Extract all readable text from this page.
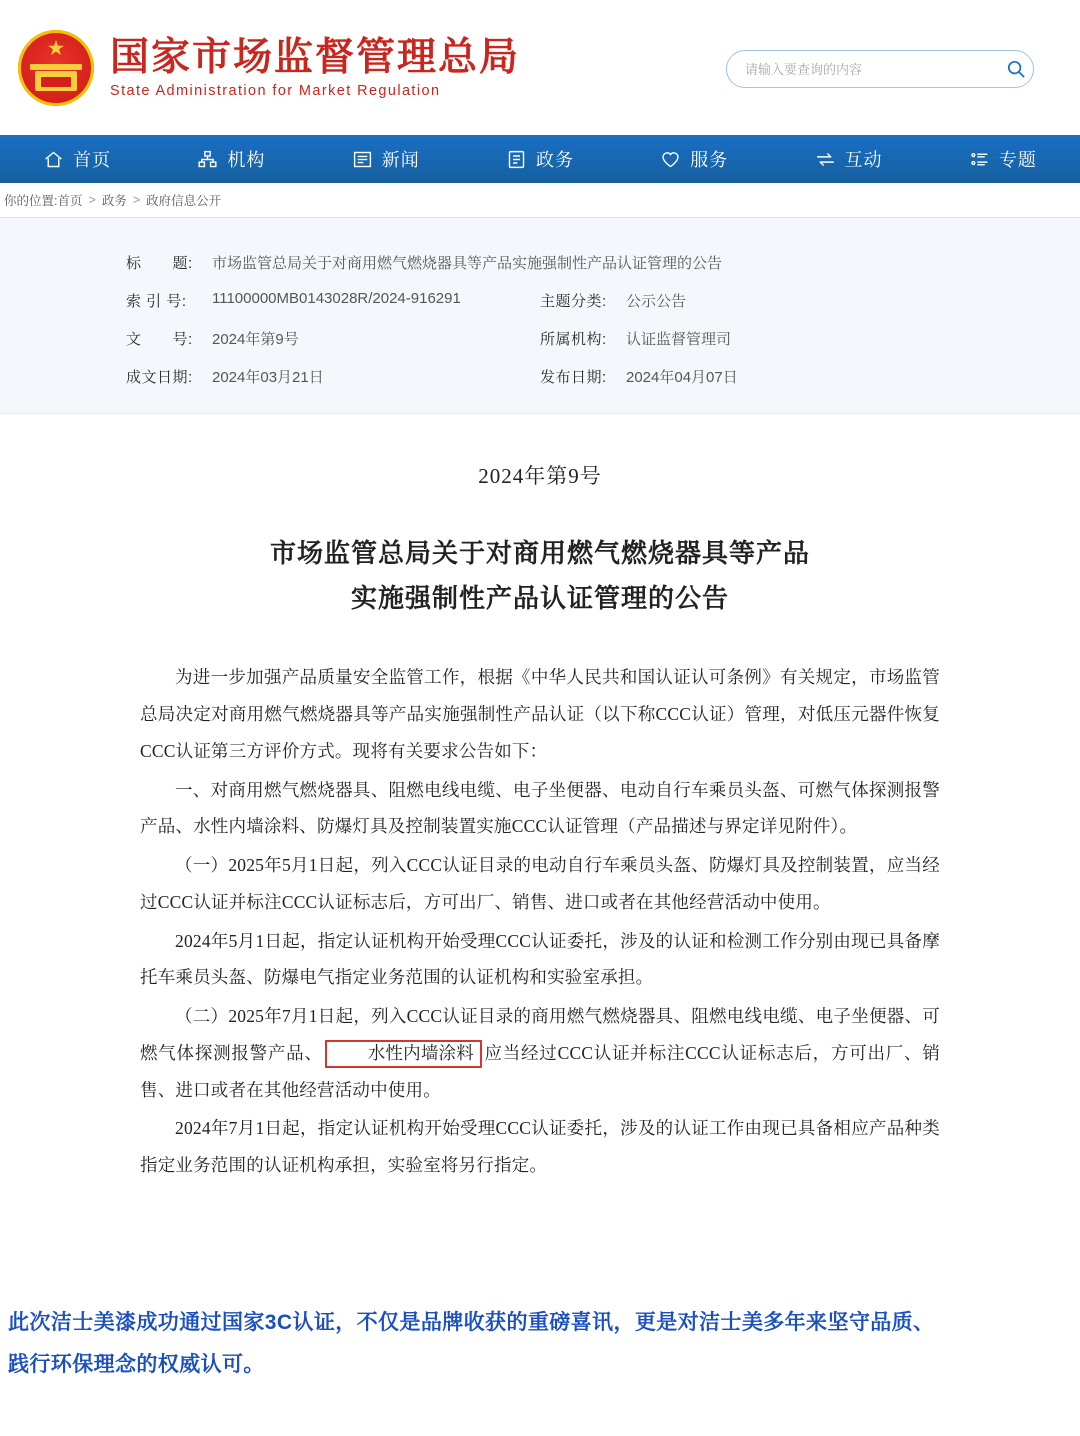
★ 国家市场监督管理总局
State Administration for Market Regulation
请输入要查询的内容
首页	机构	新闻	政务	服务	互动	专题
你的位置: 首页 > 政务 > 政府信息公开
标　　题:	市场监管总局关于对商用燃气燃烧器具等产品实施强制性产品认证管理的公告
索 引 号:	11100000MB0143028R/2024-916291	主题分类:	公示公告
文　　号:	2024年第9号	所属机构:	认证监督管理司
成文日期:	2024年03月21日	发布日期:	2024年04月07日
2024年第9号
市场监管总局关于对商用燃气燃烧器具等产品
实施强制性产品认证管理的公告

为进一步加强产品质量安全监管工作，根据《中华人民共和国认证认可条例》有关规定，市场监管总局决定对商用燃气燃烧器具等产品实施强制性产品认证（以下称CCC认证）管理，对低压元器件恢复CCC认证第三方评价方式。现将有关要求公告如下：

一、对商用燃气燃烧器具、阻燃电线电缆、电子坐便器、电动自行车乘员头盔、可燃气体探测报警产品、水性内墙涂料、防爆灯具及控制装置实施CCC认证管理（产品描述与界定详见附件）。

（一）2025年5月1日起，列入CCC认证目录的电动自行车乘员头盔、防爆灯具及控制装置，应当经过CCC认证并标注CCC认证标志后，方可出厂、销售、进口或者在其他经营活动中使用。

2024年5月1日起，指定认证机构开始受理CCC认证委托，涉及的认证和检测工作分别由现已具备摩托车乘员头盔、防爆电气指定业务范围的认证机构和实验室承担。

（二）2025年7月1日起，列入CCC认证目录的商用燃气燃烧器具、阻燃电线电缆、电子坐便器、可燃气体探测报警产品、	水性内墙涂料 应当经过CCC认证并标注CCC认证标志后，方可出厂、销售、进口或者在其他经营活动中使用。

2024年7月1日起，指定认证机构开始受理CCC认证委托，涉及的认证工作由现已具备相应产品种类指定业务范围的认证机构承担，实验室将另行指定。

此次洁士美漆成功通过国家3C认证，不仅是品牌收获的重磅喜讯，更是对洁士美多年来坚守品质、

践行环保理念的权威认可。
